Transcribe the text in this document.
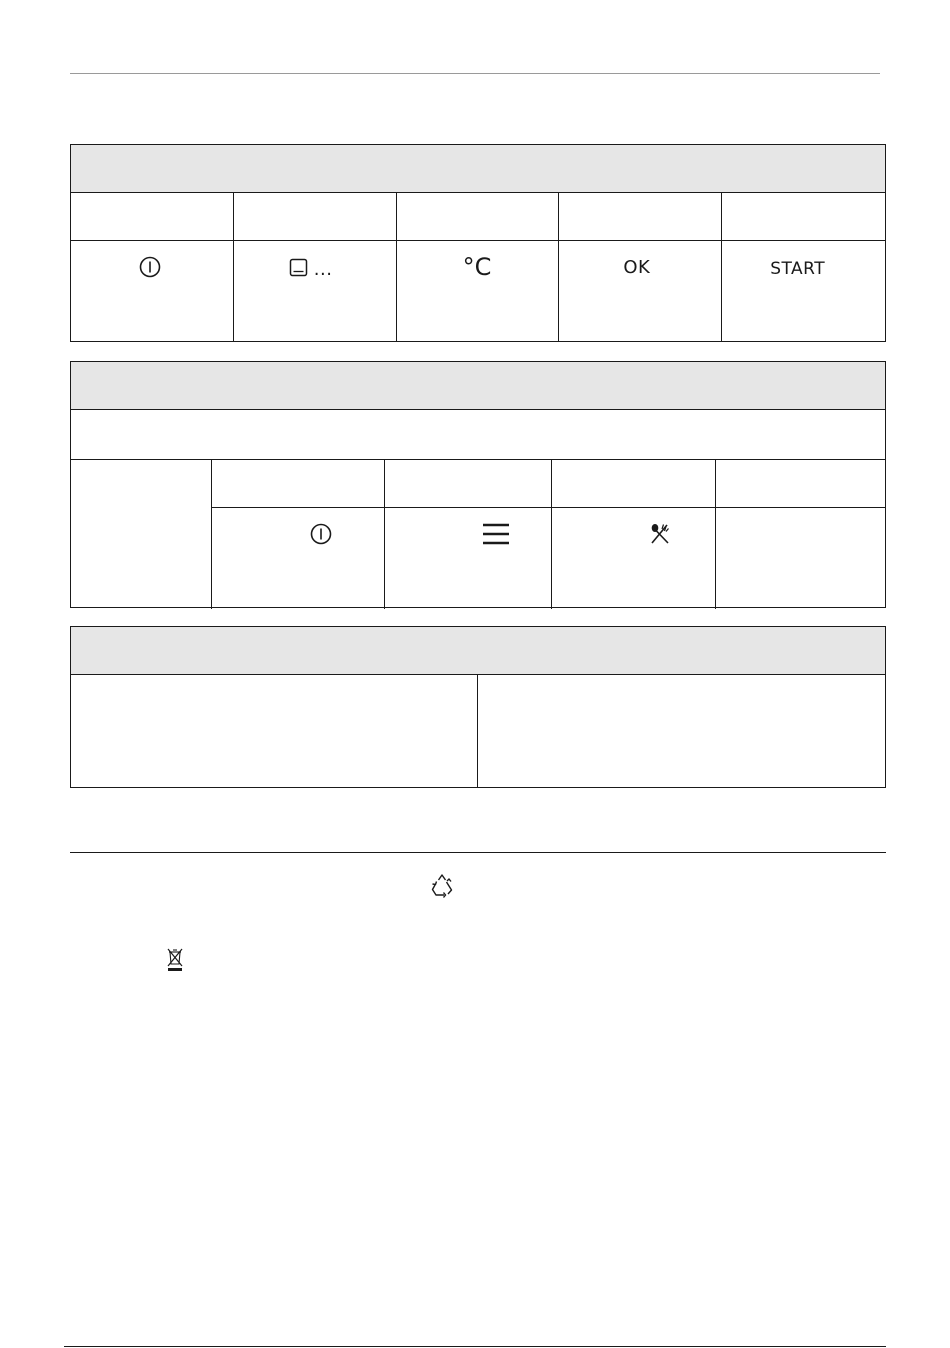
...	°C	OK	START
